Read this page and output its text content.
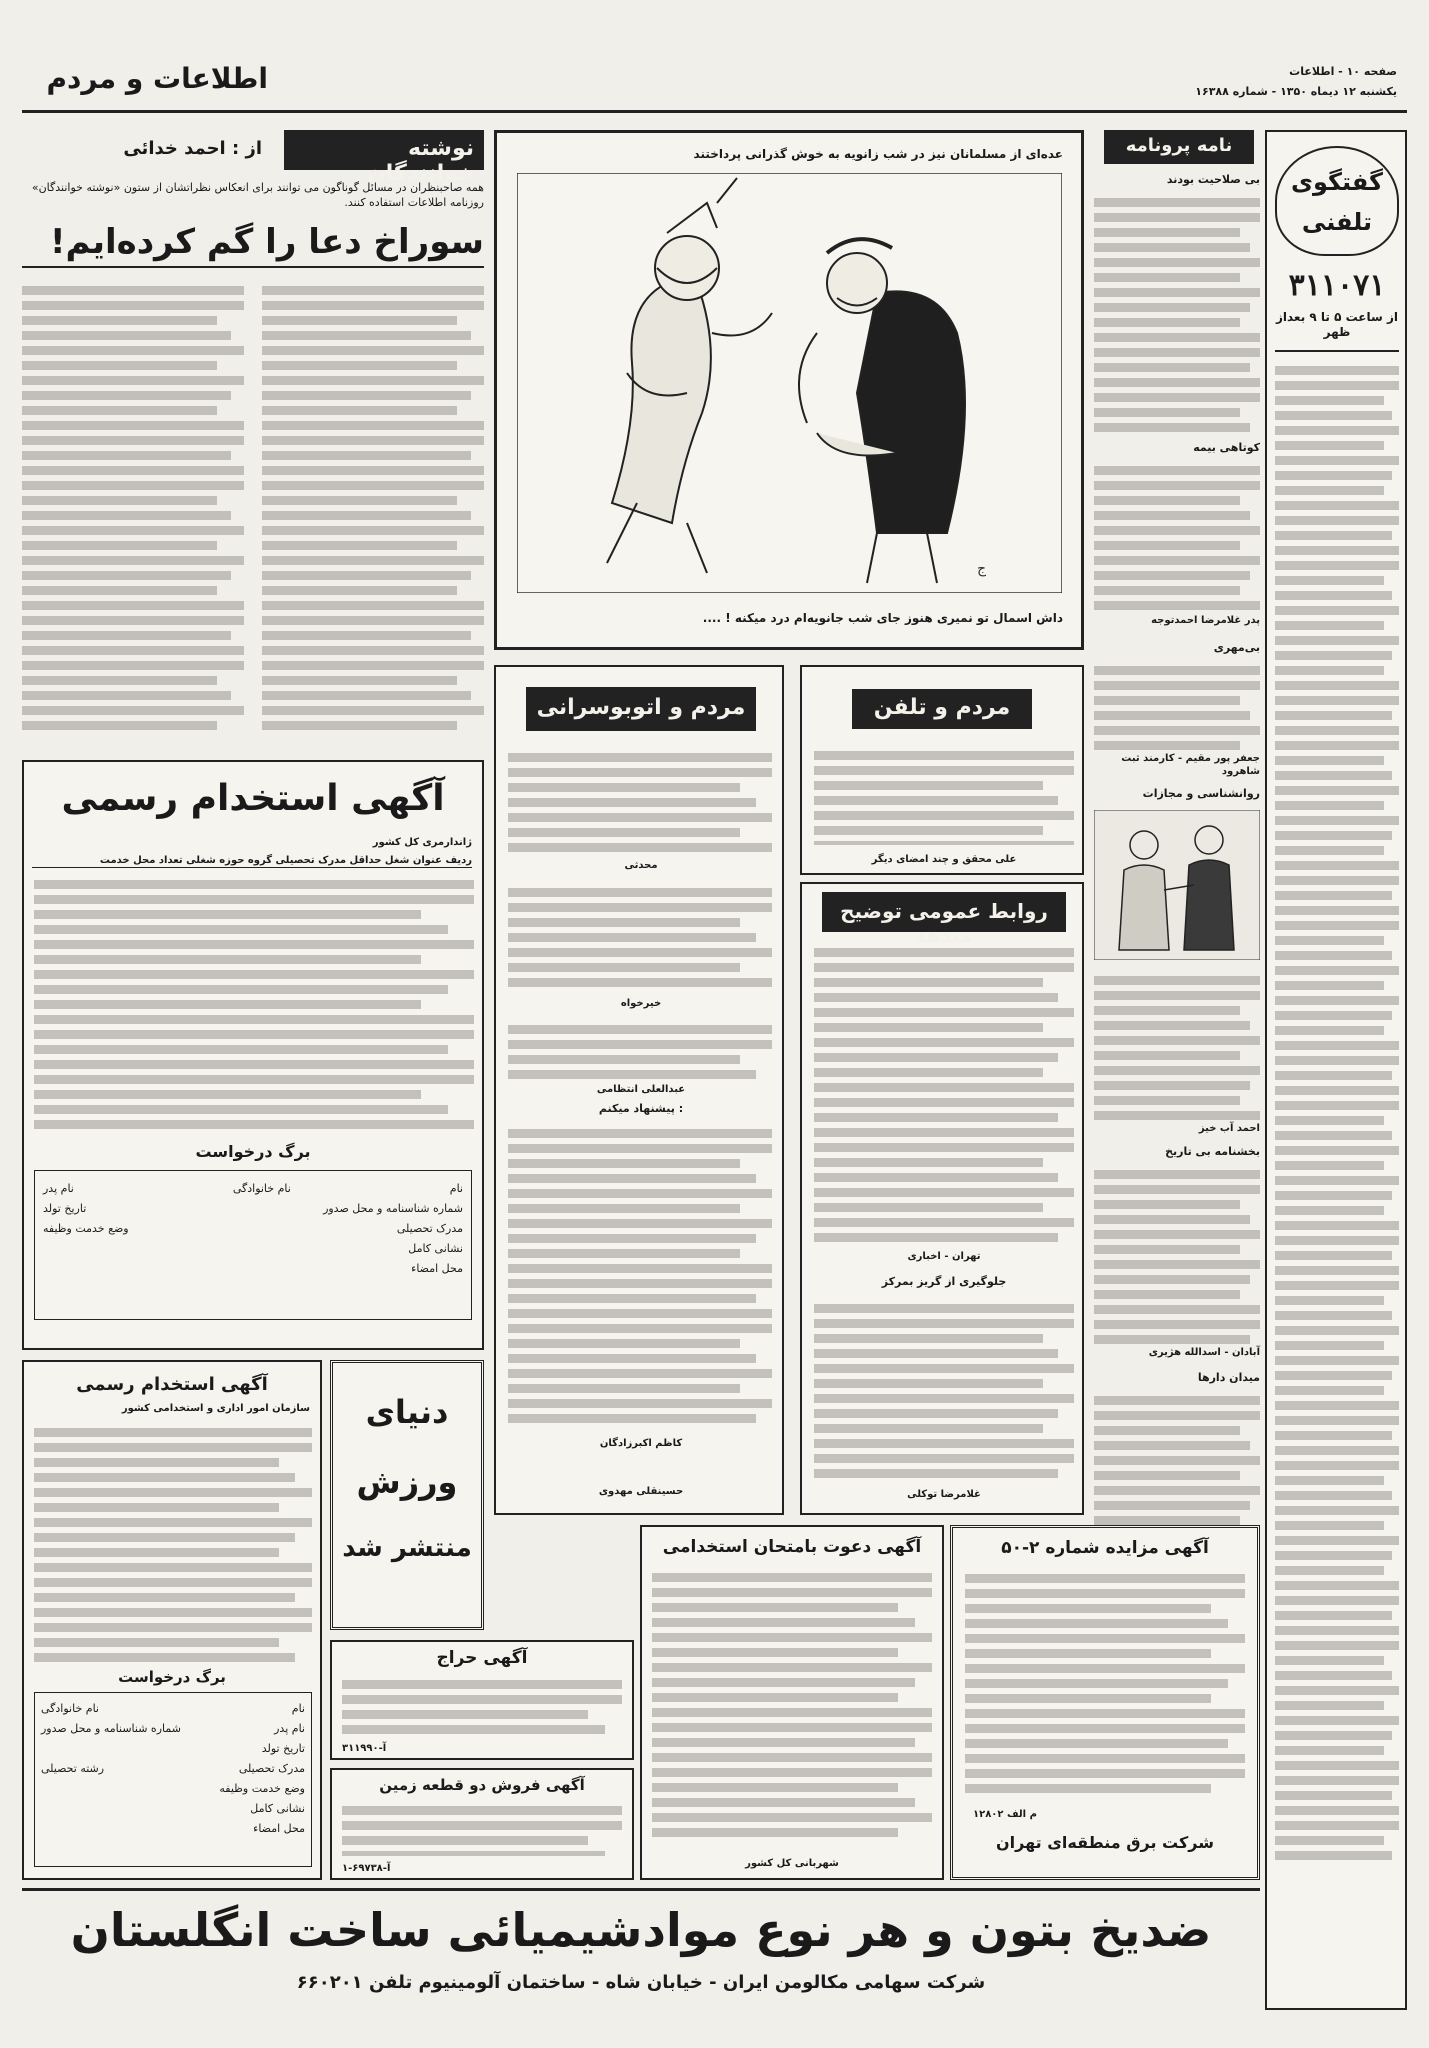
اطلاعات و مردم	صفحه ۱۰ - اطلاعات
یکشنبه ۱۲ دیماه ۱۳۵۰ - شماره ۱۶۳۸۸
نوشته خوانندگان
از : احمد خدائی
همه صاحبنظران در مسائل گوناگون می توانند برای انعکاس نظراتشان از ستون «نوشته خوانندگان» روزنامه اطلاعات استفاده کنند.
سوراخ دعا را گم کرده‌ایم!
عده‌ای از مسلمانان نیز در شب زانویه به خوش گذرانی پرداختند
ج
داش اسمال تو نمیری هنوز جای شب جانویه‌ام درد میکنه ! ....
نامه پرونامه
بی صلاحیت بودند
کوتاهی بیمه
پدر غلامرضا احمدتوجه
بی‌مهری
جعفر پور مقیم - کارمند ثبت شاهرود
روانشناسی و مجازات
احمد آب خیز
بخشنامه بی تاریخ
آبادان - اسدالله هژیری
میدان دارها
گفتگوی تلفنی
۳۱۱۰۷۱
از ساعت ۵ تا ۹ بعداز ظهر
آگهی استخدام رسمی
ژاندارمری کل کشور
ردیف عنوان شغل حداقل مدرک تحصیلی گروه حوزه شغلی تعداد محل خدمت
برگ درخواست
نام
نام خانوادگی
نام پدر
شماره شناسنامه و محل صدور
تاریخ تولد
مدرک تحصیلی
وضع خدمت وظیفه
نشانی کامل
محل امضاء
مردم و اتوبوسرانی
محدثی
خیرخواه
عبدالعلی انتظامی
پیشنهاد میکنم :
کاظم اکبرزادگان
حسینقلی مهدوی
مردم و تلفن
علی محقق و چند امضای دیگر
روابط عمومی توضیح میدهد
تهران - اخباری
جلوگیری از گریز بمرکز
غلامرضا توکلی
آگهی استخدام رسمی
سازمان امور اداری و استخدامی کشور
برگ درخواست
نام
نام خانوادگی
نام پدر
شماره شناسنامه و محل صدور
تاریخ تولد
مدرک تحصیلی
رشته تحصیلی
وضع خدمت وظیفه
نشانی کامل
محل امضاء
دنیای
ورزش
منتشر شد	آگهی دعوت بامتحان استخدامی
شهربانی کل کشور
آگهی حراج
۳۱۱۹۹۰-آ
آگهی فروش دو قطعه زمین
آ-۶۹۷۳۸-۱
آگهی مزایده شماره ۲-۵۰
م الف ۱۲۸۰۲
شرکت برق منطقه‌ای تهران
ضدیخ بتون و هر نوع موادشیمیائی ساخت انگلستان
شرکت سهامی مکالومن ایران - خیابان شاه - ساختمان آلومینیوم تلفن ۶۶۰۲۰۱
